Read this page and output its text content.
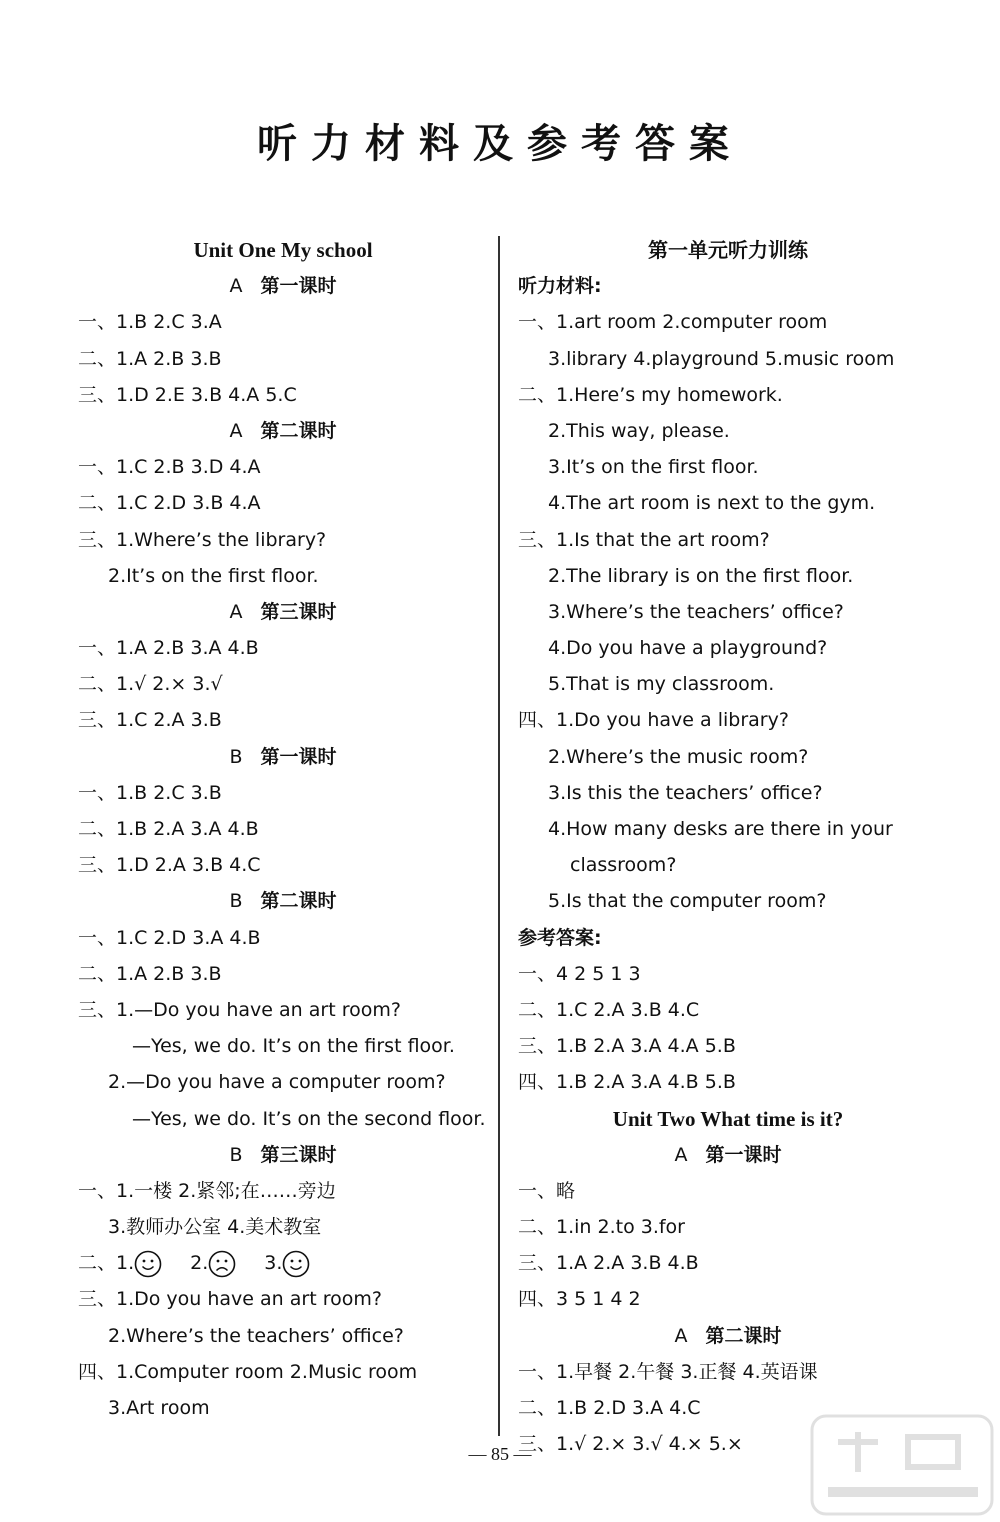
听力材料及参考答案
Unit One My school
A 第一课时
一、1.B 2.C 3.A
二、1.A 2.B 3.B
三、1.D 2.E 3.B 4.A 5.C
A 第二课时
一、1.C 2.B 3.D 4.A
二、1.C 2.D 3.B 4.A
三、1.Where’s the library?
2.It’s on the first floor.
A 第三课时
一、1.A 2.B 3.A 4.B
二、1.√ 2.× 3.√
三、1.C 2.A 3.B
B 第一课时
一、1.B 2.C 3.B
二、1.B 2.A 3.A 4.B
三、1.D 2.A 3.B 4.C
B 第二课时
一、1.C 2.D 3.A 4.B
二、1.A 2.B 3.B
三、1.—Do you have an art room?
—Yes, we do. It’s on the first floor.
2.—Do you have a computer room?
—Yes, we do. It’s on the second floor.
B 第三课时
一、1.一楼 2.紧邻;在……旁边
3.教师办公室 4.美术教室
二、1.	2.	3.
三、1.Do you have an art room?
2.Where’s the teachers’ office?
四、1.Computer room 2.Music room
3.Art room
第一单元听力训练
听力材料:
一、1.art room 2.computer room
3.library 4.playground 5.music room
二、1.Here’s my homework.
2.This way, please.
3.It’s on the first floor.
4.The art room is next to the gym.
三、1.Is that the art room?
2.The library is on the first floor.
3.Where’s the teachers’ office?
4.Do you have a playground?
5.That is my classroom.
四、1.Do you have a library?
2.Where’s the music room?
3.Is this the teachers’ office?
4.How many desks are there in your
classroom?
5.Is that the computer room?
参考答案:
一、4 2 5 1 3
二、1.C 2.A 3.B 4.C
三、1.B 2.A 3.A 4.A 5.B
四、1.B 2.A 3.A 4.B 5.B
Unit Two What time is it?
A 第一课时
一、略
二、1.in 2.to 3.for
三、1.A 2.A 3.B 4.B
四、3 5 1 4 2
A 第二课时
一、1.早餐 2.午餐 3.正餐 4.英语课
二、1.B 2.D 3.A 4.C
三、1.√ 2.× 3.√ 4.× 5.×
— 85 —
